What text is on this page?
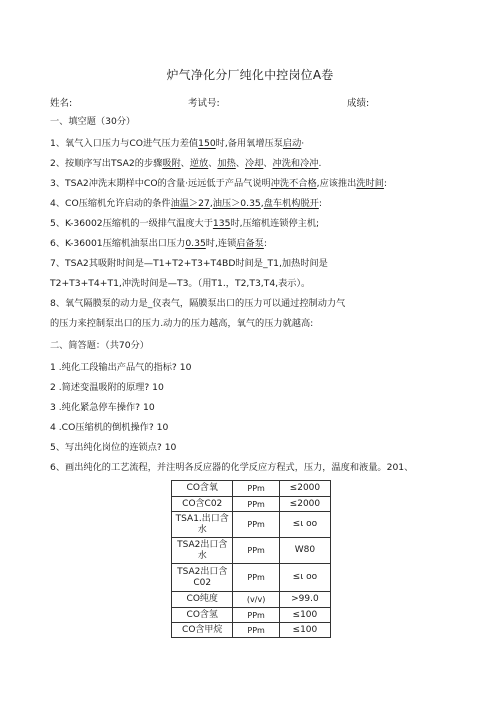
炉气净化分厂纯化中控岗位A卷
姓名:	考试号:	成绩:
一、填空题（30分）
1、氧气入口压力与CO进气压力差值150时,备用氧增压泵启动·
2、按顺序写出TSA2的步骤吸附、逆放、加热、冷却、冲洗和冷冲.
3、TSA2冲洗末期样中CO的含量·远远低于产品气说明冲洗不合格,应该推出洗时间:
4、CO压缩机允许启动的条件油温＞27,油压＞0.35,盘车机构脱开:
5、K-36002压缩机的一级排气温度大于135时,压缩机连锁停主机;
6、K-36001压缩机油泵出口压力0.35时,连锁启备泵:
7、TSA2其吸附时间是—T1+T2+T3+T4BD时间是_T1,加热时间是
T2+T3+T4+T1,冲洗时间是—T3。（用T1.，T2,T3,T4,表示）。
8、氧气隔膜泵的动力是_仪表气，隔膜泵出口的压力可以通过控制动力气
的压力来控制泵出口的压力.动力的压力越高，氧气的压力就越高:
二、简答题：（共70分）
1 .纯化工段输出产品气的指标? 10
2 .简述变温吸附的原理? 10
3 .纯化紧急停车操作? 10
4 .CO压缩机的倒机操作? 10
5、写出纯化岗位的连锁点? 10
6、画出纯化的工艺流程，并注明各反应器的化学反应方程式，压力，温度和液量。201、
CO含氧	PPm	≤2000
CO含C02	PPm	≤2000
TSA1.出口含水	PPm	≤ι oo
TSA2出口含水	PPm	W80
TSA2出口含C02	PPm	≤ι oo
CO纯度	(v/v)	>99.0
CO含氢	PPm	≤100
CO含甲烷	PPm	≤100
